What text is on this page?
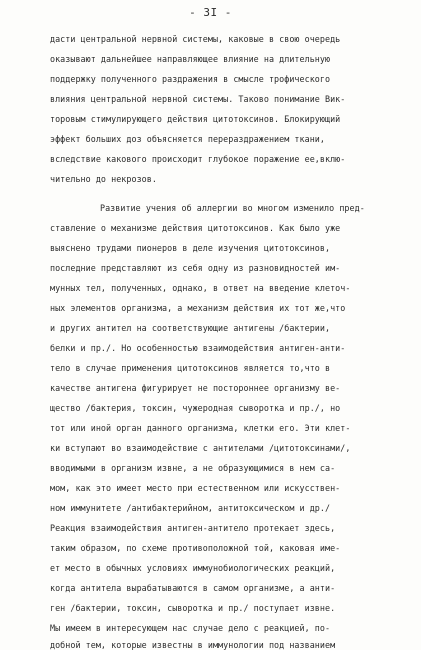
- 3I -
дасти центральной нервной системы, каковые в свою очередь
оказывают дальнейшее направляющее влияние на длительную
поддержку полученного раздражения в смысле трофического
влияния центральной нервной системы. Таково понимание Вик-
торовым стимулирующего действия цитотоксинов. Блокирующий
эффект больших доз объясняется перераздражением ткани,
вследствие какового происходит глубокое поражение ее,вклю-
чительно до некрозов.
Развитие учения об аллергии во многом изменило пред-
ставление о механизме действия цитотоксинов. Как было уже
выяснено трудами пионеров в деле изучения цитотоксинов,
последние представляют из себя одну из разновидностей им-
мунных тел, полученных, однако, в ответ на введение клеточ-
ных элементов организма, а механизм действия их тот же,что
и других антител на соответствующие антигены /бактерии,
белки и пр./. Но особенностью взаимодействия антиген-анти-
тело в случае применения цитотоксинов является то,что в
качестве антигена фигурирует не постороннее организму ве-
щество /бактерия, токсин, чужеродная сыворотка и пр./, но
тот или иной орган данного организма, клетки его. Эти клет-
ки вступают во взаимодействие с антителами /цитотоксинами/,
вводимыми в организм извне, а не образующимися в нем са-
мом, как это имеет место при естественном или искусствен-
ном иммунитете /антибактерийном, антитоксическом и др./
Реакция взаимодействия антиген-антитело протекает здесь,
таким образом, по схеме противоположной той, каковая име-
ет место в обычных условиях иммунобиологических реакций,
когда антитела вырабатываются в самом организме, а анти-
ген /бактерии, токсин, сыворотка и пр./ поступает извне.
Мы имеем в интересующем нас случае дело с реакцией, по-
добной тем, которые известны в иммунологии под названием
